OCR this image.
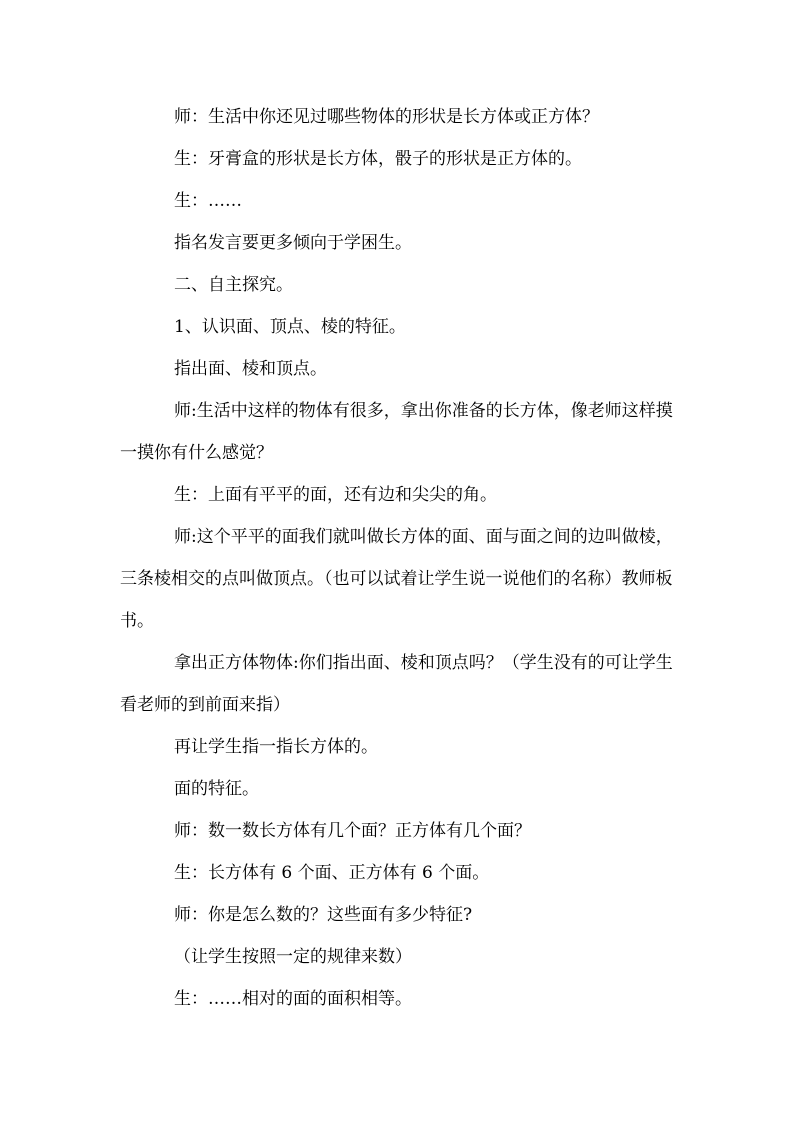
师：生活中你还见过哪些物体的形状是长方体或正方体？

生：牙膏盒的形状是长方体，骰子的形状是正方体的。

生：……

指名发言要更多倾向于学困生。

二、自主探究。

1、认识面、顶点、棱的特征。

指出面、棱和顶点。

师:生活中这样的物体有很多，拿出你准备的长方体，像老师这样摸一摸你有什么感觉？

生：上面有平平的面，还有边和尖尖的角。

师:这个平平的面我们就叫做长方体的面、面与面之间的边叫做棱，三条棱相交的点叫做顶点。（也可以试着让学生说一说他们的名称）教师板书。

拿出正方体物体:你们指出面、棱和顶点吗？（学生没有的可让学生看老师的到前面来指）

再让学生指一指长方体的。

面的特征。

师：数一数长方体有几个面？正方体有几个面？

生：长方体有 6 个面、正方体有 6 个面。

师：你是怎么数的？这些面有多少特征?

（让学生按照一定的规律来数）

生：……相对的面的面积相等。
